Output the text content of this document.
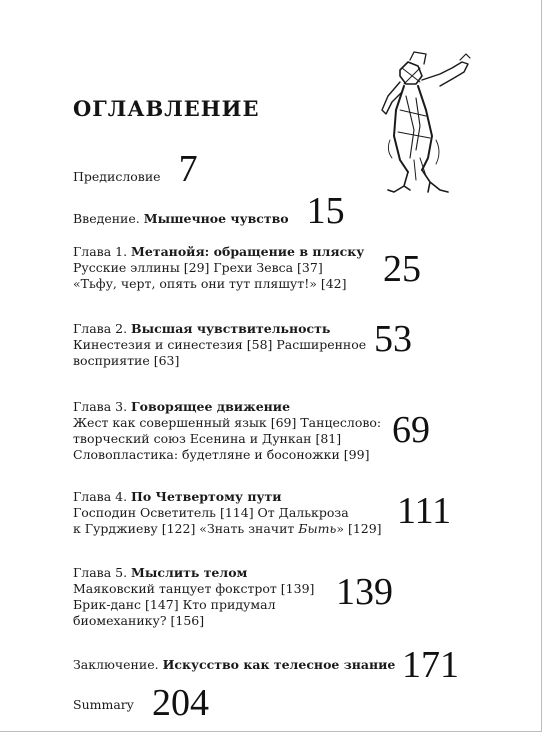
ОГЛАВЛЕНИЕ
Предисловие 7
Введение.
Мышечное чувство 15
Глава 1. Метанойя: обращение в пляску
Русские эллины [29] Грехи Зевса [37]
«Тьфу, черт, опять они тут пляшут!» [42] 25
Глава 2. Высшая чувствительность
Кинестезия и синестезия [58] Расширенное
восприятие [63]
53
Глава 3. Говорящее движение
Жест как совершенный язык [69] Танцеслово:
творческий союз Есенина и Дункан [81]
Словопластика: будетляне и босоножки [99]
69
Глава 4. По Четвертому пути
Господин Осветитель [114] От Далькроза
к Гурджиеву [122] «Знать значит Быть» [129] 111
Глава 5. Мыслить телом
Маяковский танцует фокстрот [139]
Брик-данс [147] Кто придумал
биомеханику? [156]
139
Заключение. Искусство как телесное знание 171
Summary 204
